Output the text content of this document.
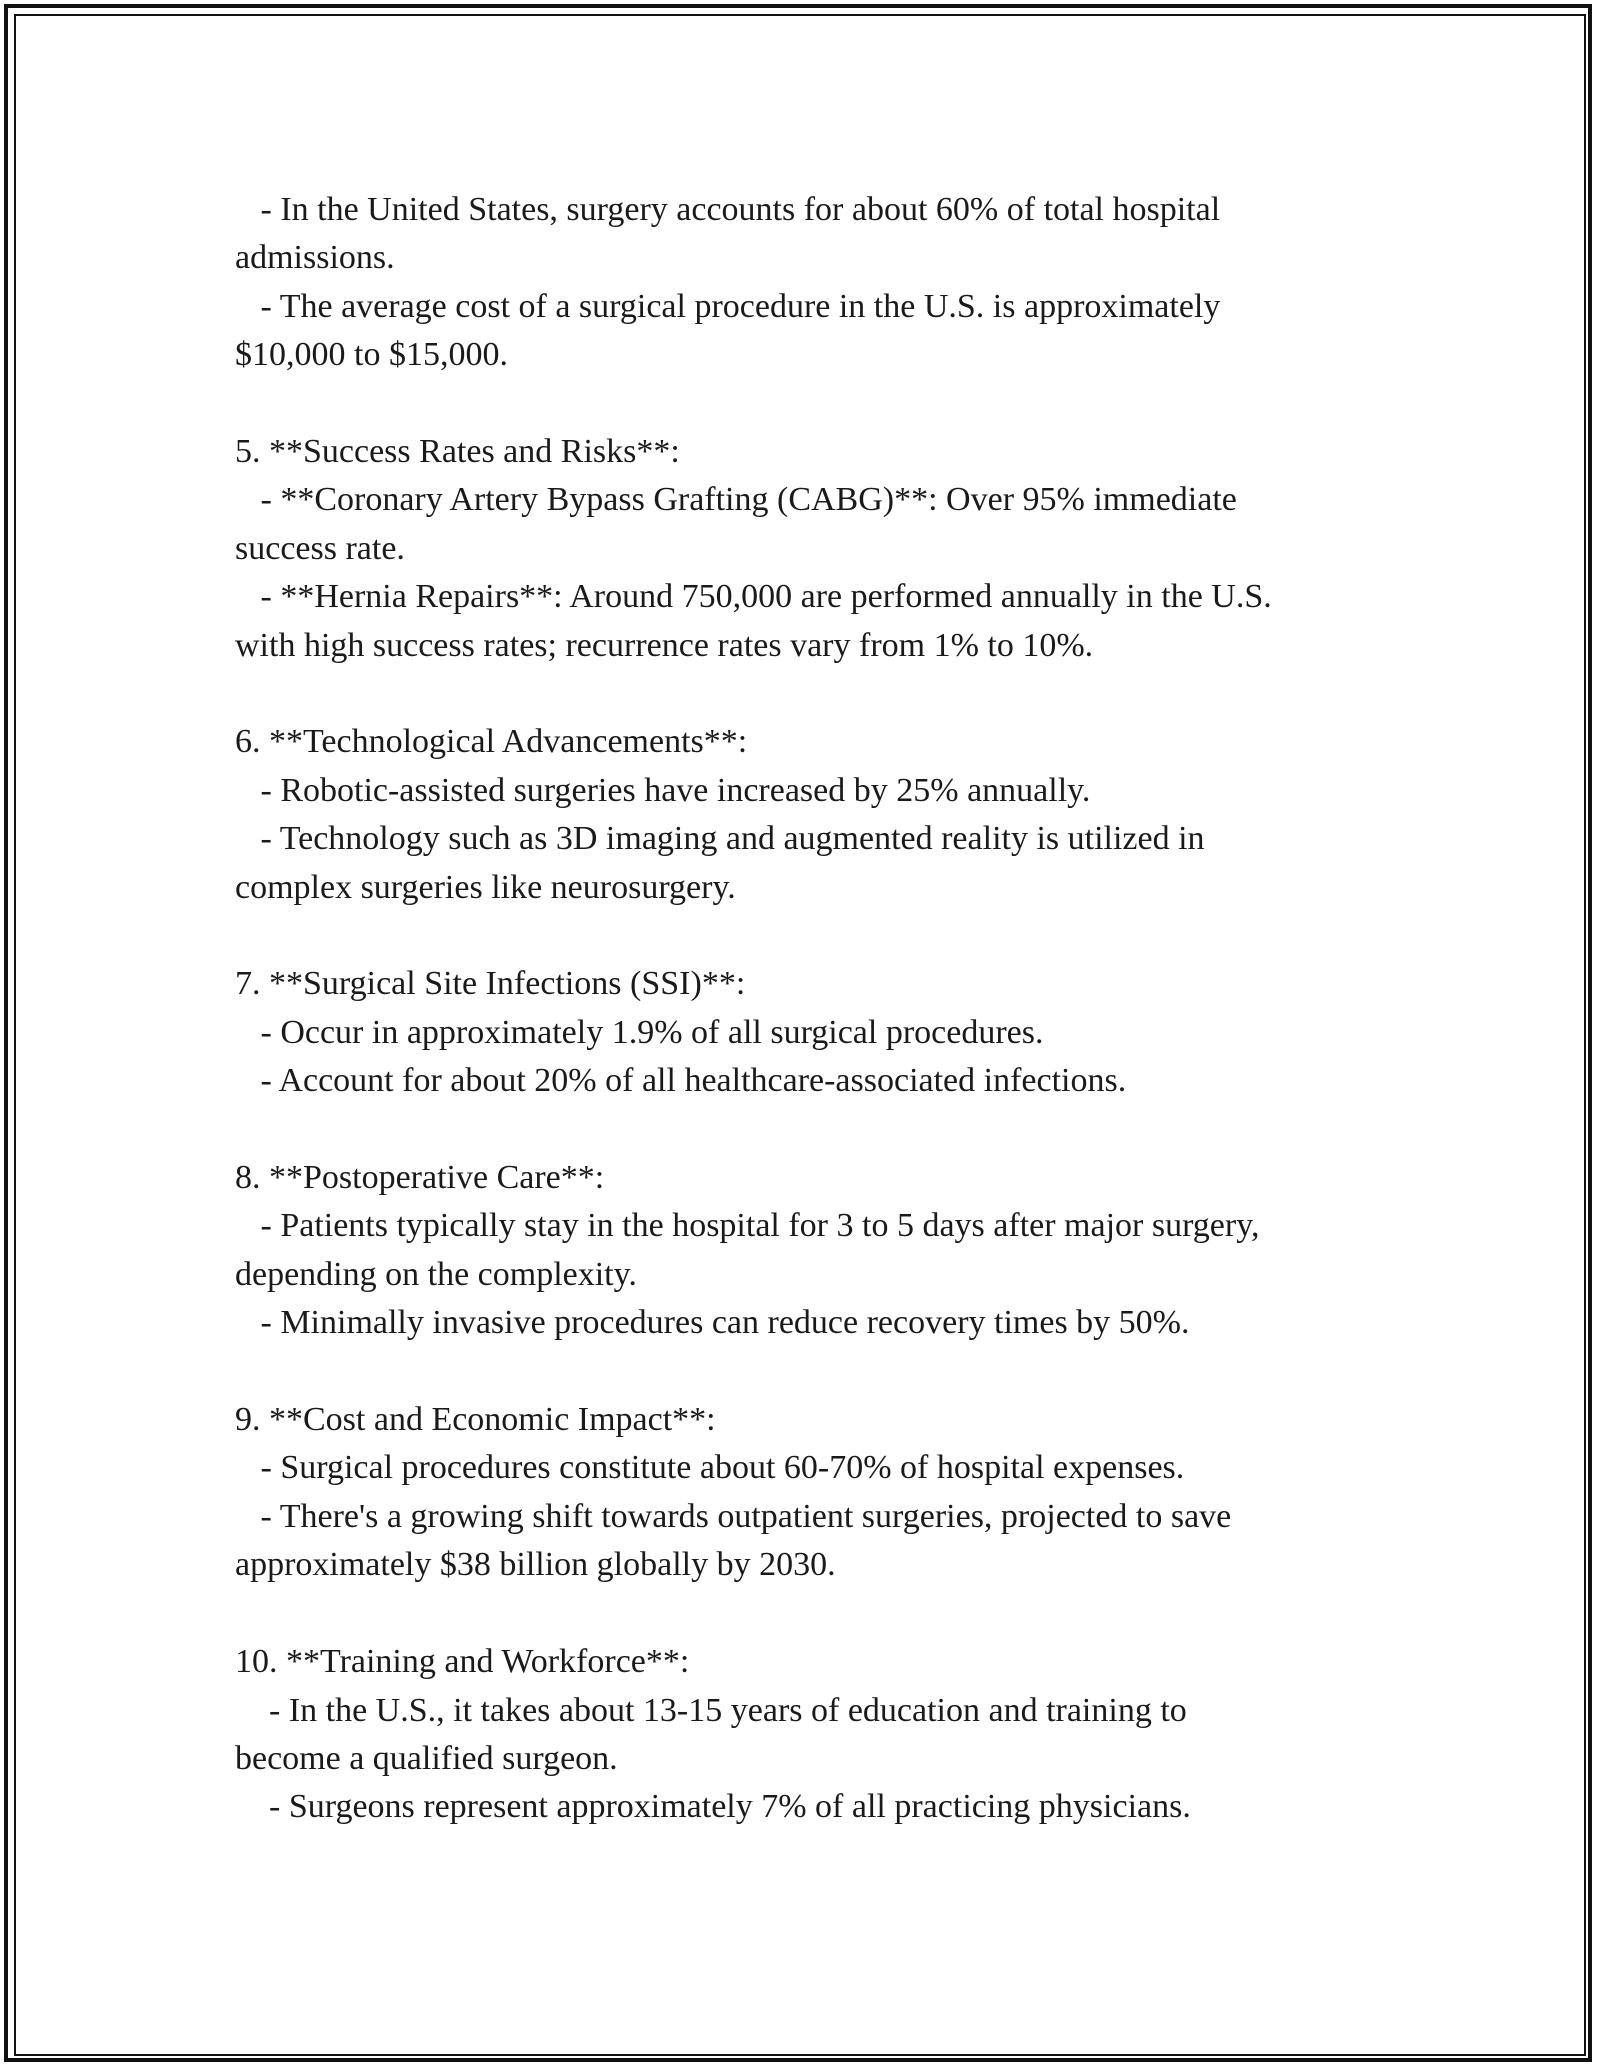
- In the United States, surgery accounts for about 60% of total hospital

admissions.

- The average cost of a surgical procedure in the U.S. is approximately

$10,000 to $15,000.

5. **Success Rates and Risks**:

- **Coronary Artery Bypass Grafting (CABG)**: Over 95% immediate

success rate.

- **Hernia Repairs**: Around 750,000 are performed annually in the U.S.

with high success rates; recurrence rates vary from 1% to 10%.

6. **Technological Advancements**:

- Robotic-assisted surgeries have increased by 25% annually.

- Technology such as 3D imaging and augmented reality is utilized in

complex surgeries like neurosurgery.

7. **Surgical Site Infections (SSI)**:

- Occur in approximately 1.9% of all surgical procedures.

- Account for about 20% of all healthcare-associated infections.

8. **Postoperative Care**:

- Patients typically stay in the hospital for 3 to 5 days after major surgery,

depending on the complexity.

- Minimally invasive procedures can reduce recovery times by 50%.

9. **Cost and Economic Impact**:

- Surgical procedures constitute about 60-70% of hospital expenses.

- There's a growing shift towards outpatient surgeries, projected to save

approximately $38 billion globally by 2030.

10. **Training and Workforce**:

- In the U.S., it takes about 13-15 years of education and training to

become a qualified surgeon.

- Surgeons represent approximately 7% of all practicing physicians.
